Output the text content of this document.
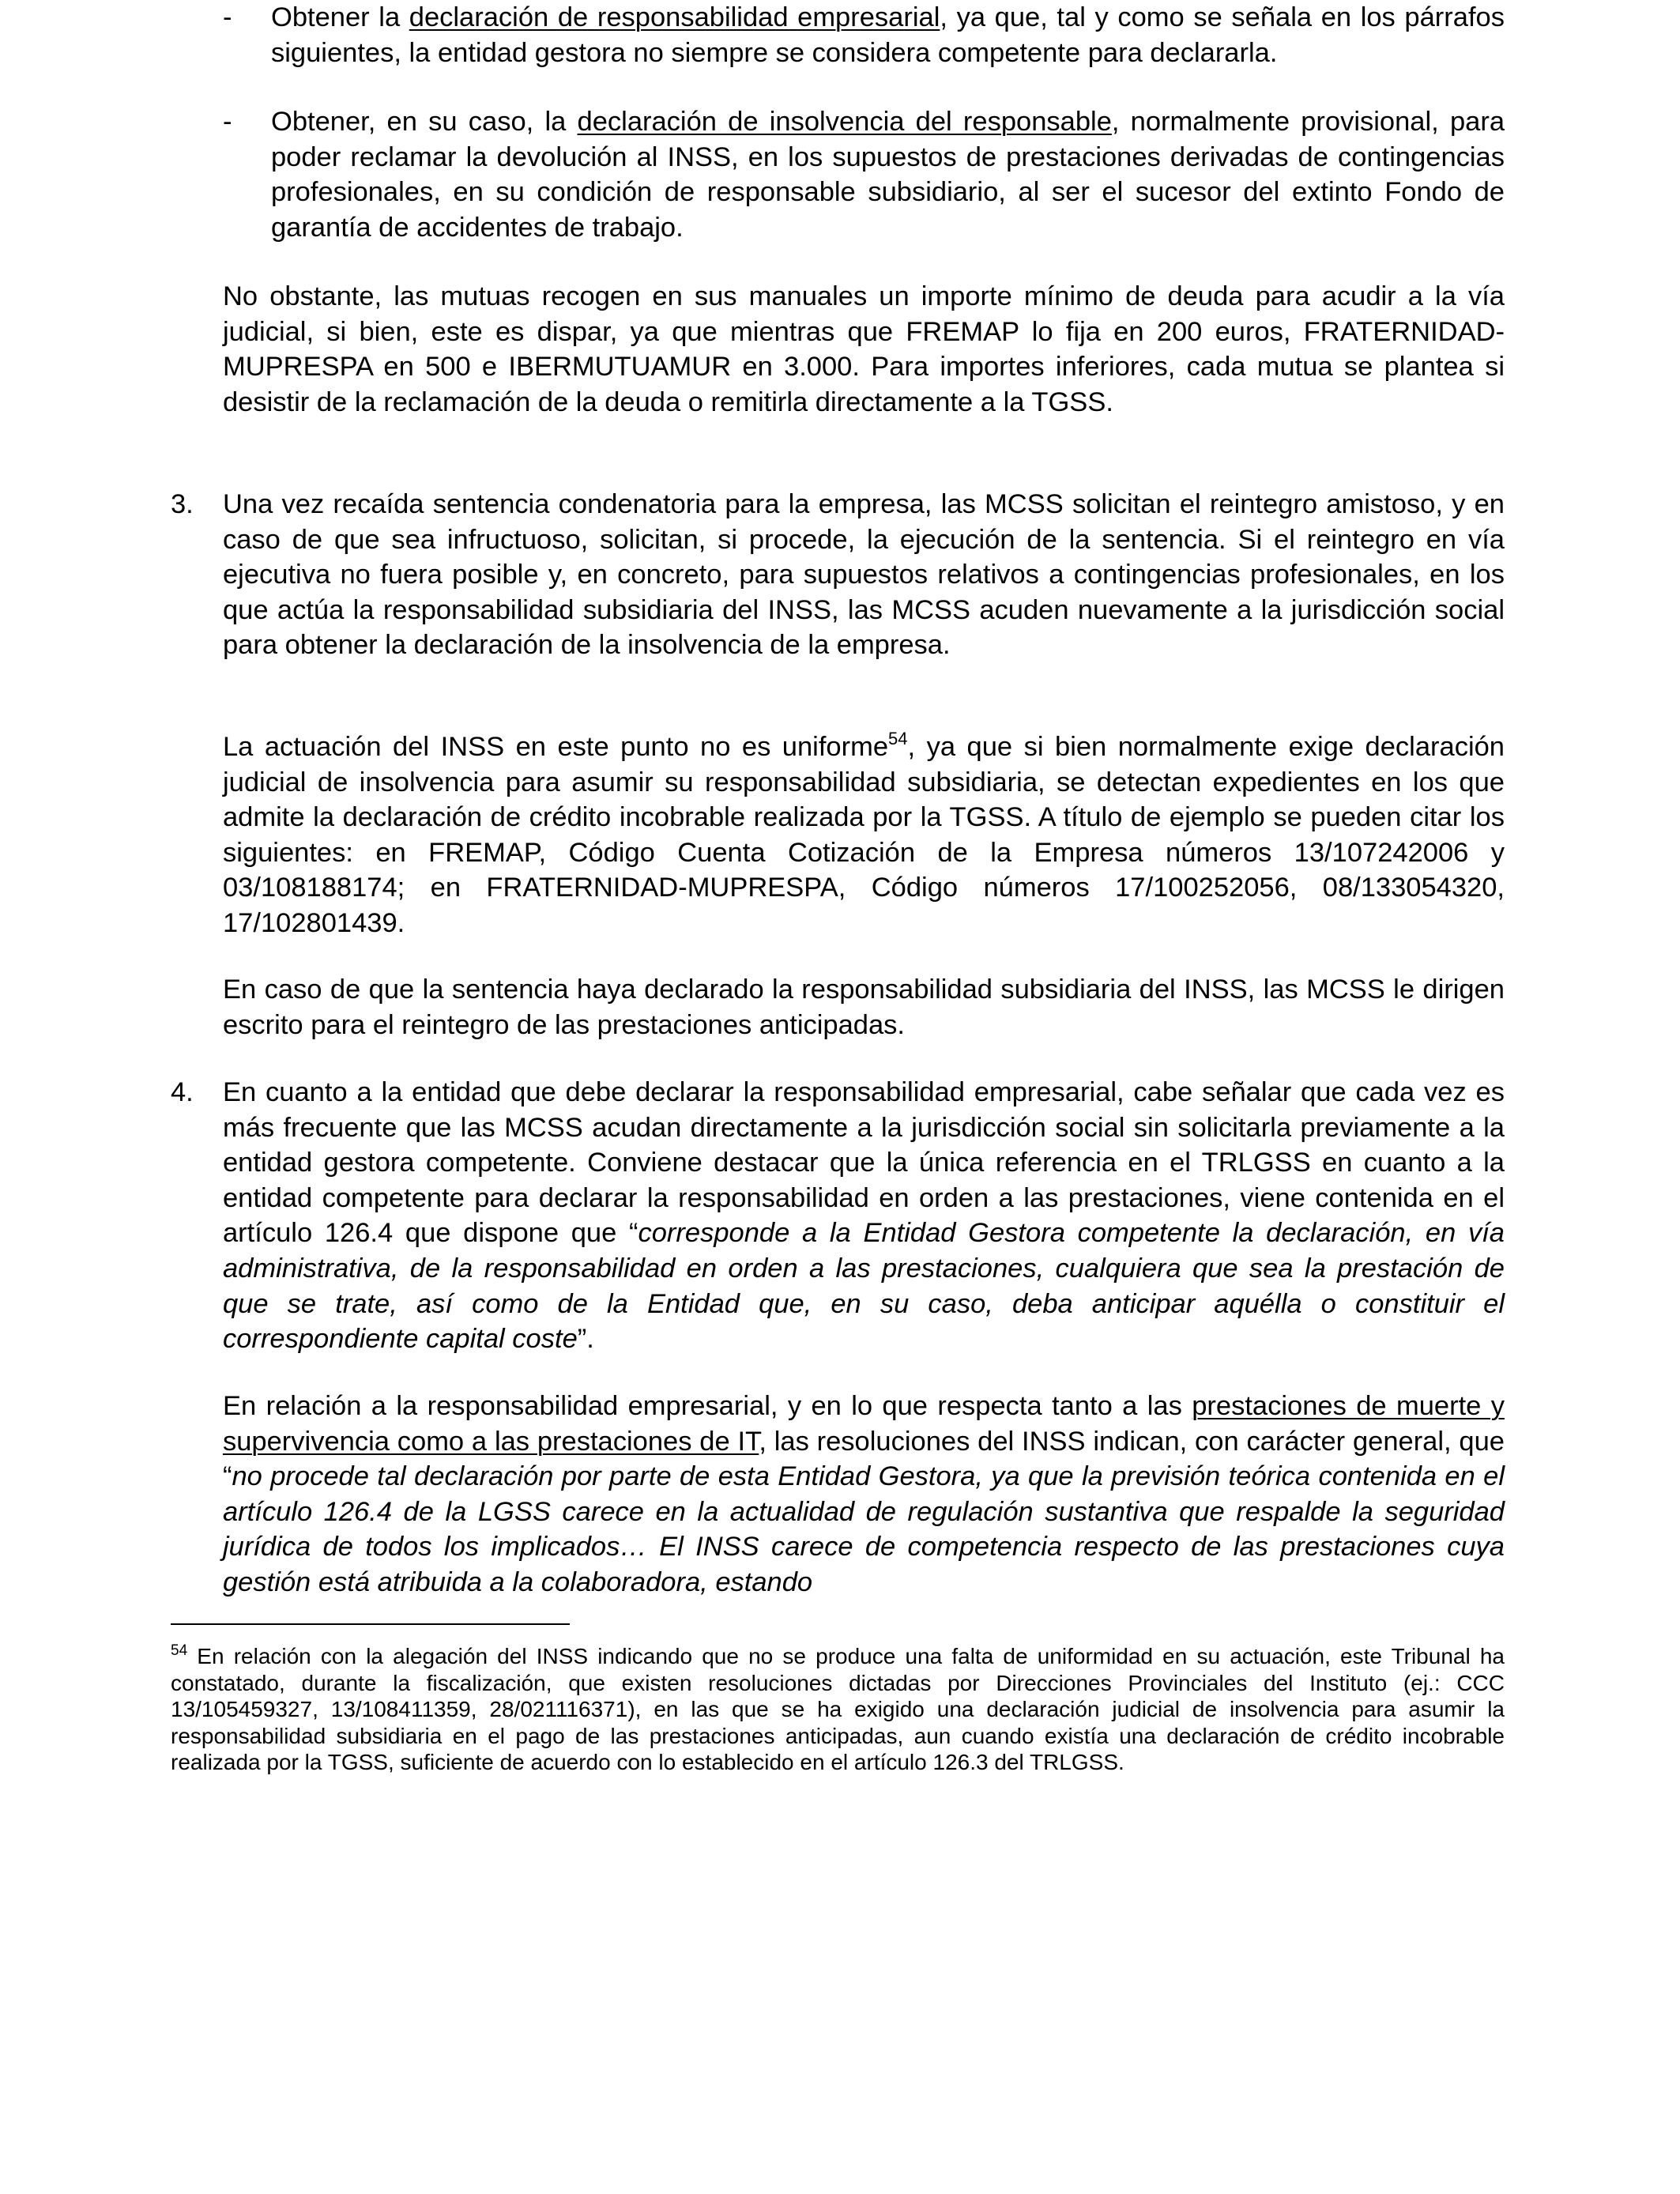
- Obtener la declaración de responsabilidad empresarial, ya que, tal y como se señala en los párrafos siguientes, la entidad gestora no siempre se considera competente para declararla.
- Obtener, en su caso, la declaración de insolvencia del responsable, normalmente provisional, para poder reclamar la devolución al INSS, en los supuestos de prestaciones derivadas de contingencias profesionales, en su condición de responsable subsidiario, al ser el sucesor del extinto Fondo de garantía de accidentes de trabajo.
No obstante, las mutuas recogen en sus manuales un importe mínimo de deuda para acudir a la vía judicial, si bien, este es dispar, ya que mientras que FREMAP lo fija en 200 euros, FRATERNIDAD-MUPRESPA en 500 e IBERMUTUAMUR en 3.000. Para importes inferiores, cada mutua se plantea si desistir de la reclamación de la deuda o remitirla directamente a la TGSS.
3. Una vez recaída sentencia condenatoria para la empresa, las MCSS solicitan el reintegro amistoso, y en caso de que sea infructuoso, solicitan, si procede, la ejecución de la sentencia. Si el reintegro en vía ejecutiva no fuera posible y, en concreto, para supuestos relativos a contingencias profesionales, en los que actúa la responsabilidad subsidiaria del INSS, las MCSS acuden nuevamente a la jurisdicción social para obtener la declaración de la insolvencia de la empresa.
La actuación del INSS en este punto no es uniforme$^{54}$, ya que si bien normalmente exige declaración judicial de insolvencia para asumir su responsabilidad subsidiaria, se detectan expedientes en los que admite la declaración de crédito incobrable realizada por la TGSS. A título de ejemplo se pueden citar los siguientes: en FREMAP, Código Cuenta Cotización de la Empresa números 13/107242006 y 03/108188174; en FRATERNIDAD-MUPRESPA, Código números 17/100252056, 08/133054320, 17/102801439.
En caso de que la sentencia haya declarado la responsabilidad subsidiaria del INSS, las MCSS le dirigen escrito para el reintegro de las prestaciones anticipadas.
4. En cuanto a la entidad que debe declarar la responsabilidad empresarial, cabe señalar que cada vez es más frecuente que las MCSS acudan directamente a la jurisdicción social sin solicitarla previamente a la entidad gestora competente. Conviene destacar que la única referencia en el TRLGSS en cuanto a la entidad competente para declarar la responsabilidad en orden a las prestaciones, viene contenida en el artículo 126.4 que dispone que “corresponde a la Entidad Gestora competente la declaración, en vía administrativa, de la responsabilidad en orden a las prestaciones, cualquiera que sea la prestación de que se trate, así como de la Entidad que, en su caso, deba anticipar aquélla o constituir el correspondiente capital coste”.
En relación a la responsabilidad empresarial, y en lo que respecta tanto a las prestaciones de muerte y supervivencia como a las prestaciones de IT, las resoluciones del INSS indican, con carácter general, que “no procede tal declaración por parte de esta Entidad Gestora, ya que la previsión teórica contenida en el artículo 126.4 de la LGSS carece en la actualidad de regulación sustantiva que respalde la seguridad jurídica de todos los implicados… El INSS carece de competencia respecto de las prestaciones cuya gestión está atribuida a la colaboradora, estando
$^{54}$ En relación con la alegación del INSS indicando que no se produce una falta de uniformidad en su actuación, este Tribunal ha constatado, durante la fiscalización, que existen resoluciones dictadas por Direcciones Provinciales del Instituto (ej.: CCC 13/105459327, 13/108411359, 28/021116371), en las que se ha exigido una declaración judicial de insolvencia para asumir la responsabilidad subsidiaria en el pago de las prestaciones anticipadas, aun cuando existía una declaración de crédito incobrable realizada por la TGSS, suficiente de acuerdo con lo establecido en el artículo 126.3 del TRLGSS.
